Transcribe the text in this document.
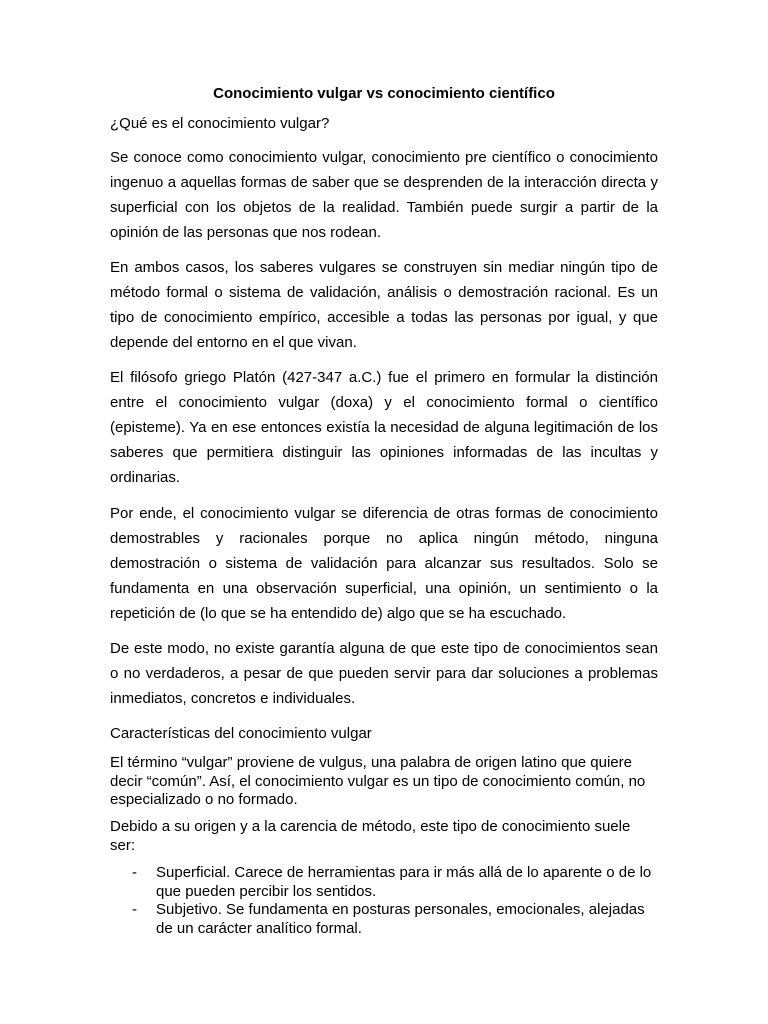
Conocimiento vulgar vs conocimiento científico

¿Qué es el conocimiento vulgar?

Se conoce como conocimiento vulgar, conocimiento pre científico o conocimiento ingenuo a aquellas formas de saber que se desprenden de la interacción directa y superficial con los objetos de la realidad. También puede surgir a partir de la opinión de las personas que nos rodean.

En ambos casos, los saberes vulgares se construyen sin mediar ningún tipo de método formal o sistema de validación, análisis o demostración racional. Es un tipo de conocimiento empírico, accesible a todas las personas por igual, y que depende del entorno en el que vivan.

El filósofo griego Platón (427-347 a.C.) fue el primero en formular la distinción entre el conocimiento vulgar (doxa) y el conocimiento formal o científico (episteme). Ya en ese entonces existía la necesidad de alguna legitimación de los saberes que permitiera distinguir las opiniones informadas de las incultas y ordinarias.

Por ende, el conocimiento vulgar se diferencia de otras formas de conocimiento demostrables y racionales porque no aplica ningún método, ninguna demostración o sistema de validación para alcanzar sus resultados. Solo se fundamenta en una observación superficial, una opinión, un sentimiento o la repetición de (lo que se ha entendido de) algo que se ha escuchado.

De este modo, no existe garantía alguna de que este tipo de conocimientos sean o no verdaderos, a pesar de que pueden servir para dar soluciones a problemas inmediatos, concretos e individuales.

Características del conocimiento vulgar

El término “vulgar” proviene de vulgus, una palabra de origen latino que quiere decir “común”. Así, el conocimiento vulgar es un tipo de conocimiento común, no especializado o no formado.

Debido a su origen y a la carencia de método, este tipo de conocimiento suele ser:

-	Superficial. Carece de herramientas para ir más allá de lo aparente o de lo que pueden percibir los sentidos.
-	Subjetivo. Se fundamenta en posturas personales, emocionales, alejadas de un carácter analítico formal.
